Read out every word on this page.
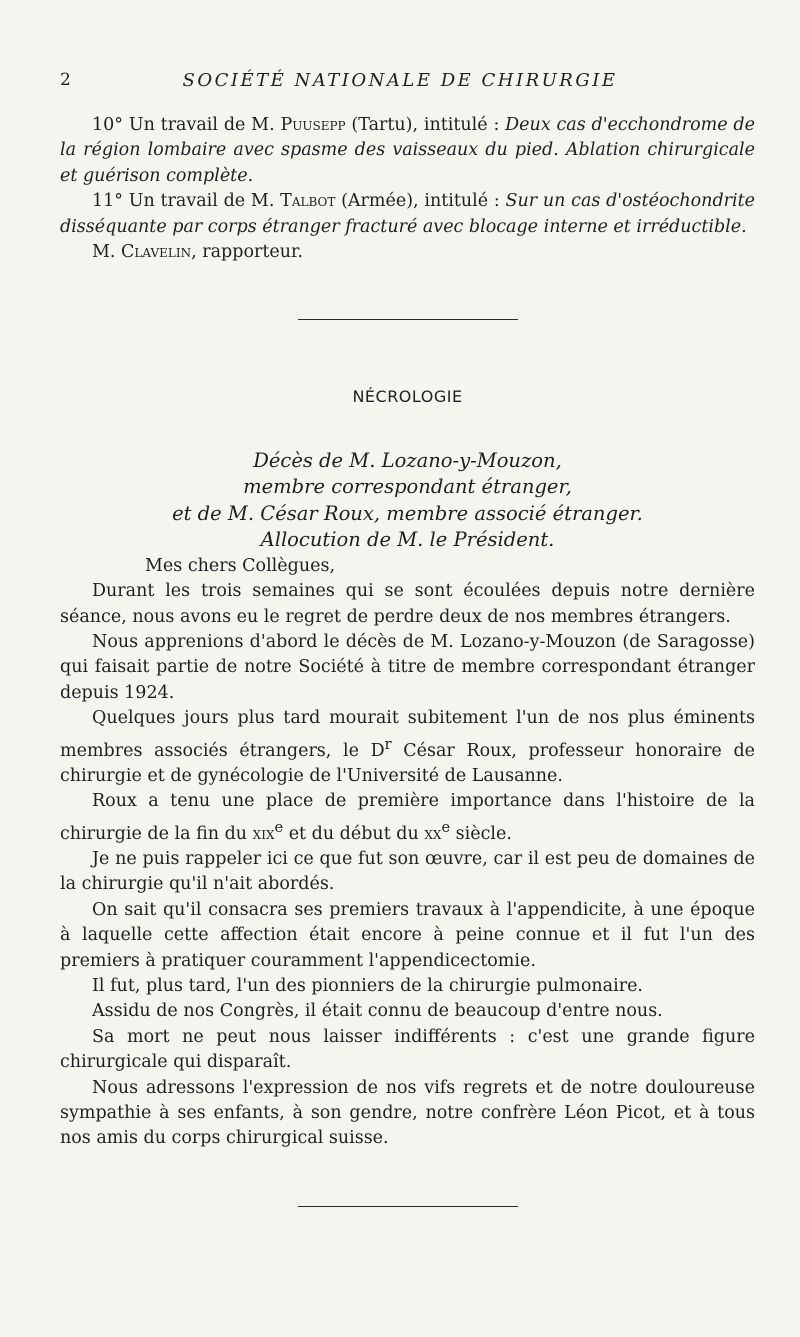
2	SOCIÉTÉ NATIONALE DE CHIRURGIE

10° Un travail de M. Puusepp (Tartu), intitulé : Deux cas d'ecchondrome de la région lombaire avec spasme des vaisseaux du pied. Ablation chirurgicale et guérison complète.

11° Un travail de M. Talbot (Armée), intitulé : Sur un cas d'ostéochondrite disséquante par corps étranger fracturé avec blocage interne et irréductible.

M. Clavelin, rapporteur.

NÉCROLOGIE
Décès de M. Lozano-y-Mouzon,
membre correspondant étranger,
et de M. César Roux, membre associé étranger.
Allocution de M. le Président.

Mes chers Collègues,

Durant les trois semaines qui se sont écoulées depuis notre dernière séance, nous avons eu le regret de perdre deux de nos membres étrangers.

Nous apprenions d'abord le décès de M. Lozano-y-Mouzon (de Saragosse) qui faisait partie de notre Société à titre de membre correspondant étranger depuis 1924.

Quelques jours plus tard mourait subitement l'un de nos plus éminents membres associés étrangers, le $D^r$ César Roux, professeur honoraire de chirurgie et de gynécologie de l'Université de Lausanne.

Roux a tenu une place de première importance dans l'histoire de la chirurgie de la fin du xix$^e$ et du début du $xx^e$ siècle.

Je ne puis rappeler ici ce que fut son œuvre, car il est peu de domaines de la chirurgie qu'il n'ait abordés.

On sait qu'il consacra ses premiers travaux à l'appendicite, à une époque à laquelle cette affection était encore à peine connue et il fut l'un des premiers à pratiquer couramment l'appendicectomie.

Il fut, plus tard, l'un des pionniers de la chirurgie pulmonaire.

Assidu de nos Congrès, il était connu de beaucoup d'entre nous.

Sa mort ne peut nous laisser indifférents : c'est une grande figure chirurgicale qui disparaît.

Nous adressons l'expression de nos vifs regrets et de notre douloureuse sympathie à ses enfants, à son gendre, notre confrère Léon Picot, et à tous nos amis du corps chirurgical suisse.
